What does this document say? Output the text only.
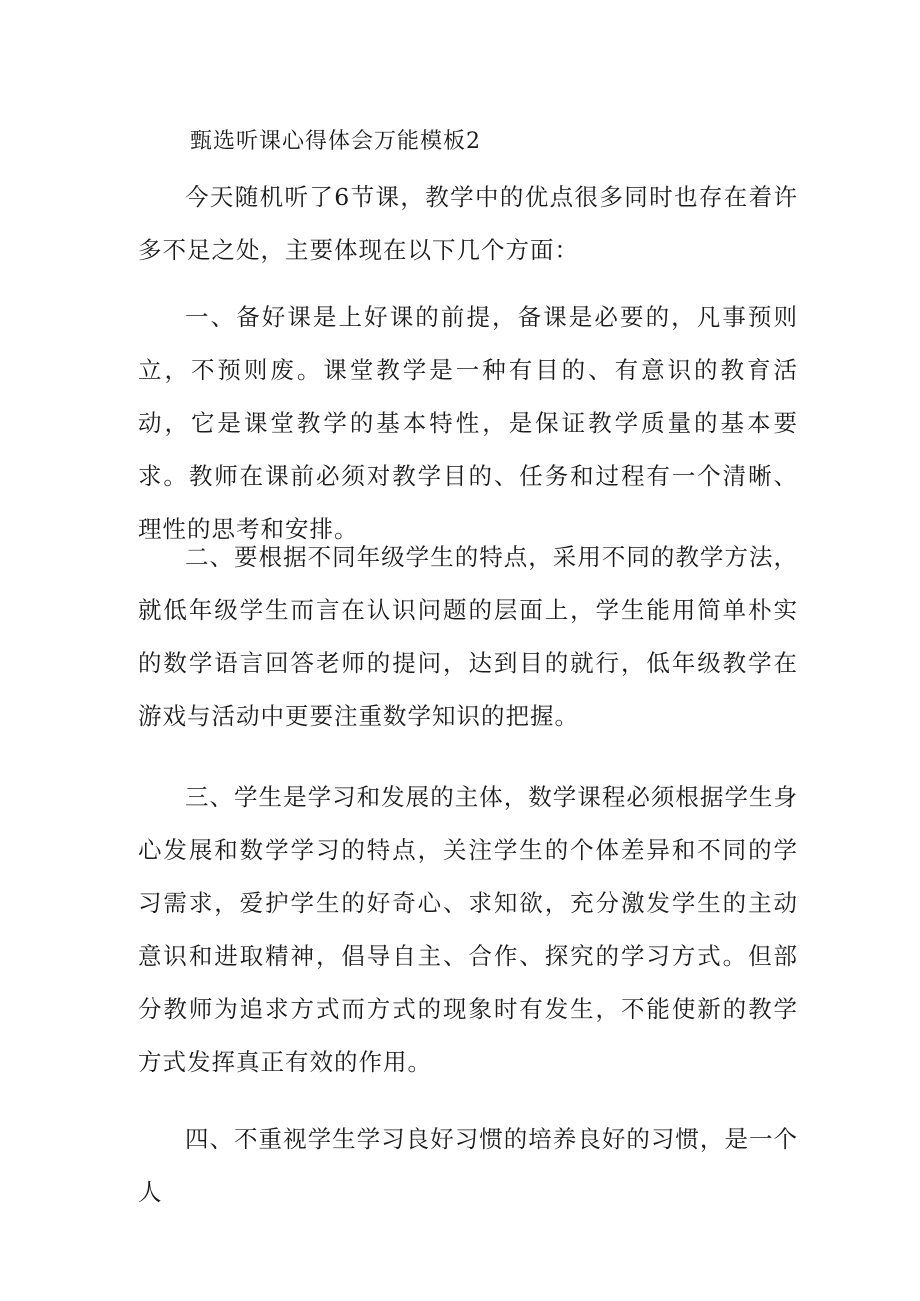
甄选听课心得体会万能模板2

今天随机听了6节课，教学中的优点很多同时也存在着许多不足之处，主要体现在以下几个方面：

一、备好课是上好课的前提，备课是必要的，凡事预则立，不预则废。课堂教学是一种有目的、有意识的教育活动，它是课堂教学的基本特性，是保证教学质量的基本要求。教师在课前必须对教学目的、任务和过程有一个清晰、理性的思考和安排。

二、要根据不同年级学生的特点，采用不同的教学方法，就低年级学生而言在认识问题的层面上，学生能用简单朴实的数学语言回答老师的提问，达到目的就行，低年级教学在游戏与活动中更要注重数学知识的把握。

三、学生是学习和发展的主体，数学课程必须根据学生身心发展和数学学习的特点，关注学生的个体差异和不同的学习需求，爱护学生的好奇心、求知欲，充分激发学生的主动意识和进取精神，倡导自主、合作、探究的学习方式。但部分教师为追求方式而方式的现象时有发生，不能使新的教学方式发挥真正有效的作用。

四、不重视学生学习良好习惯的培养良好的习惯，是一个人
